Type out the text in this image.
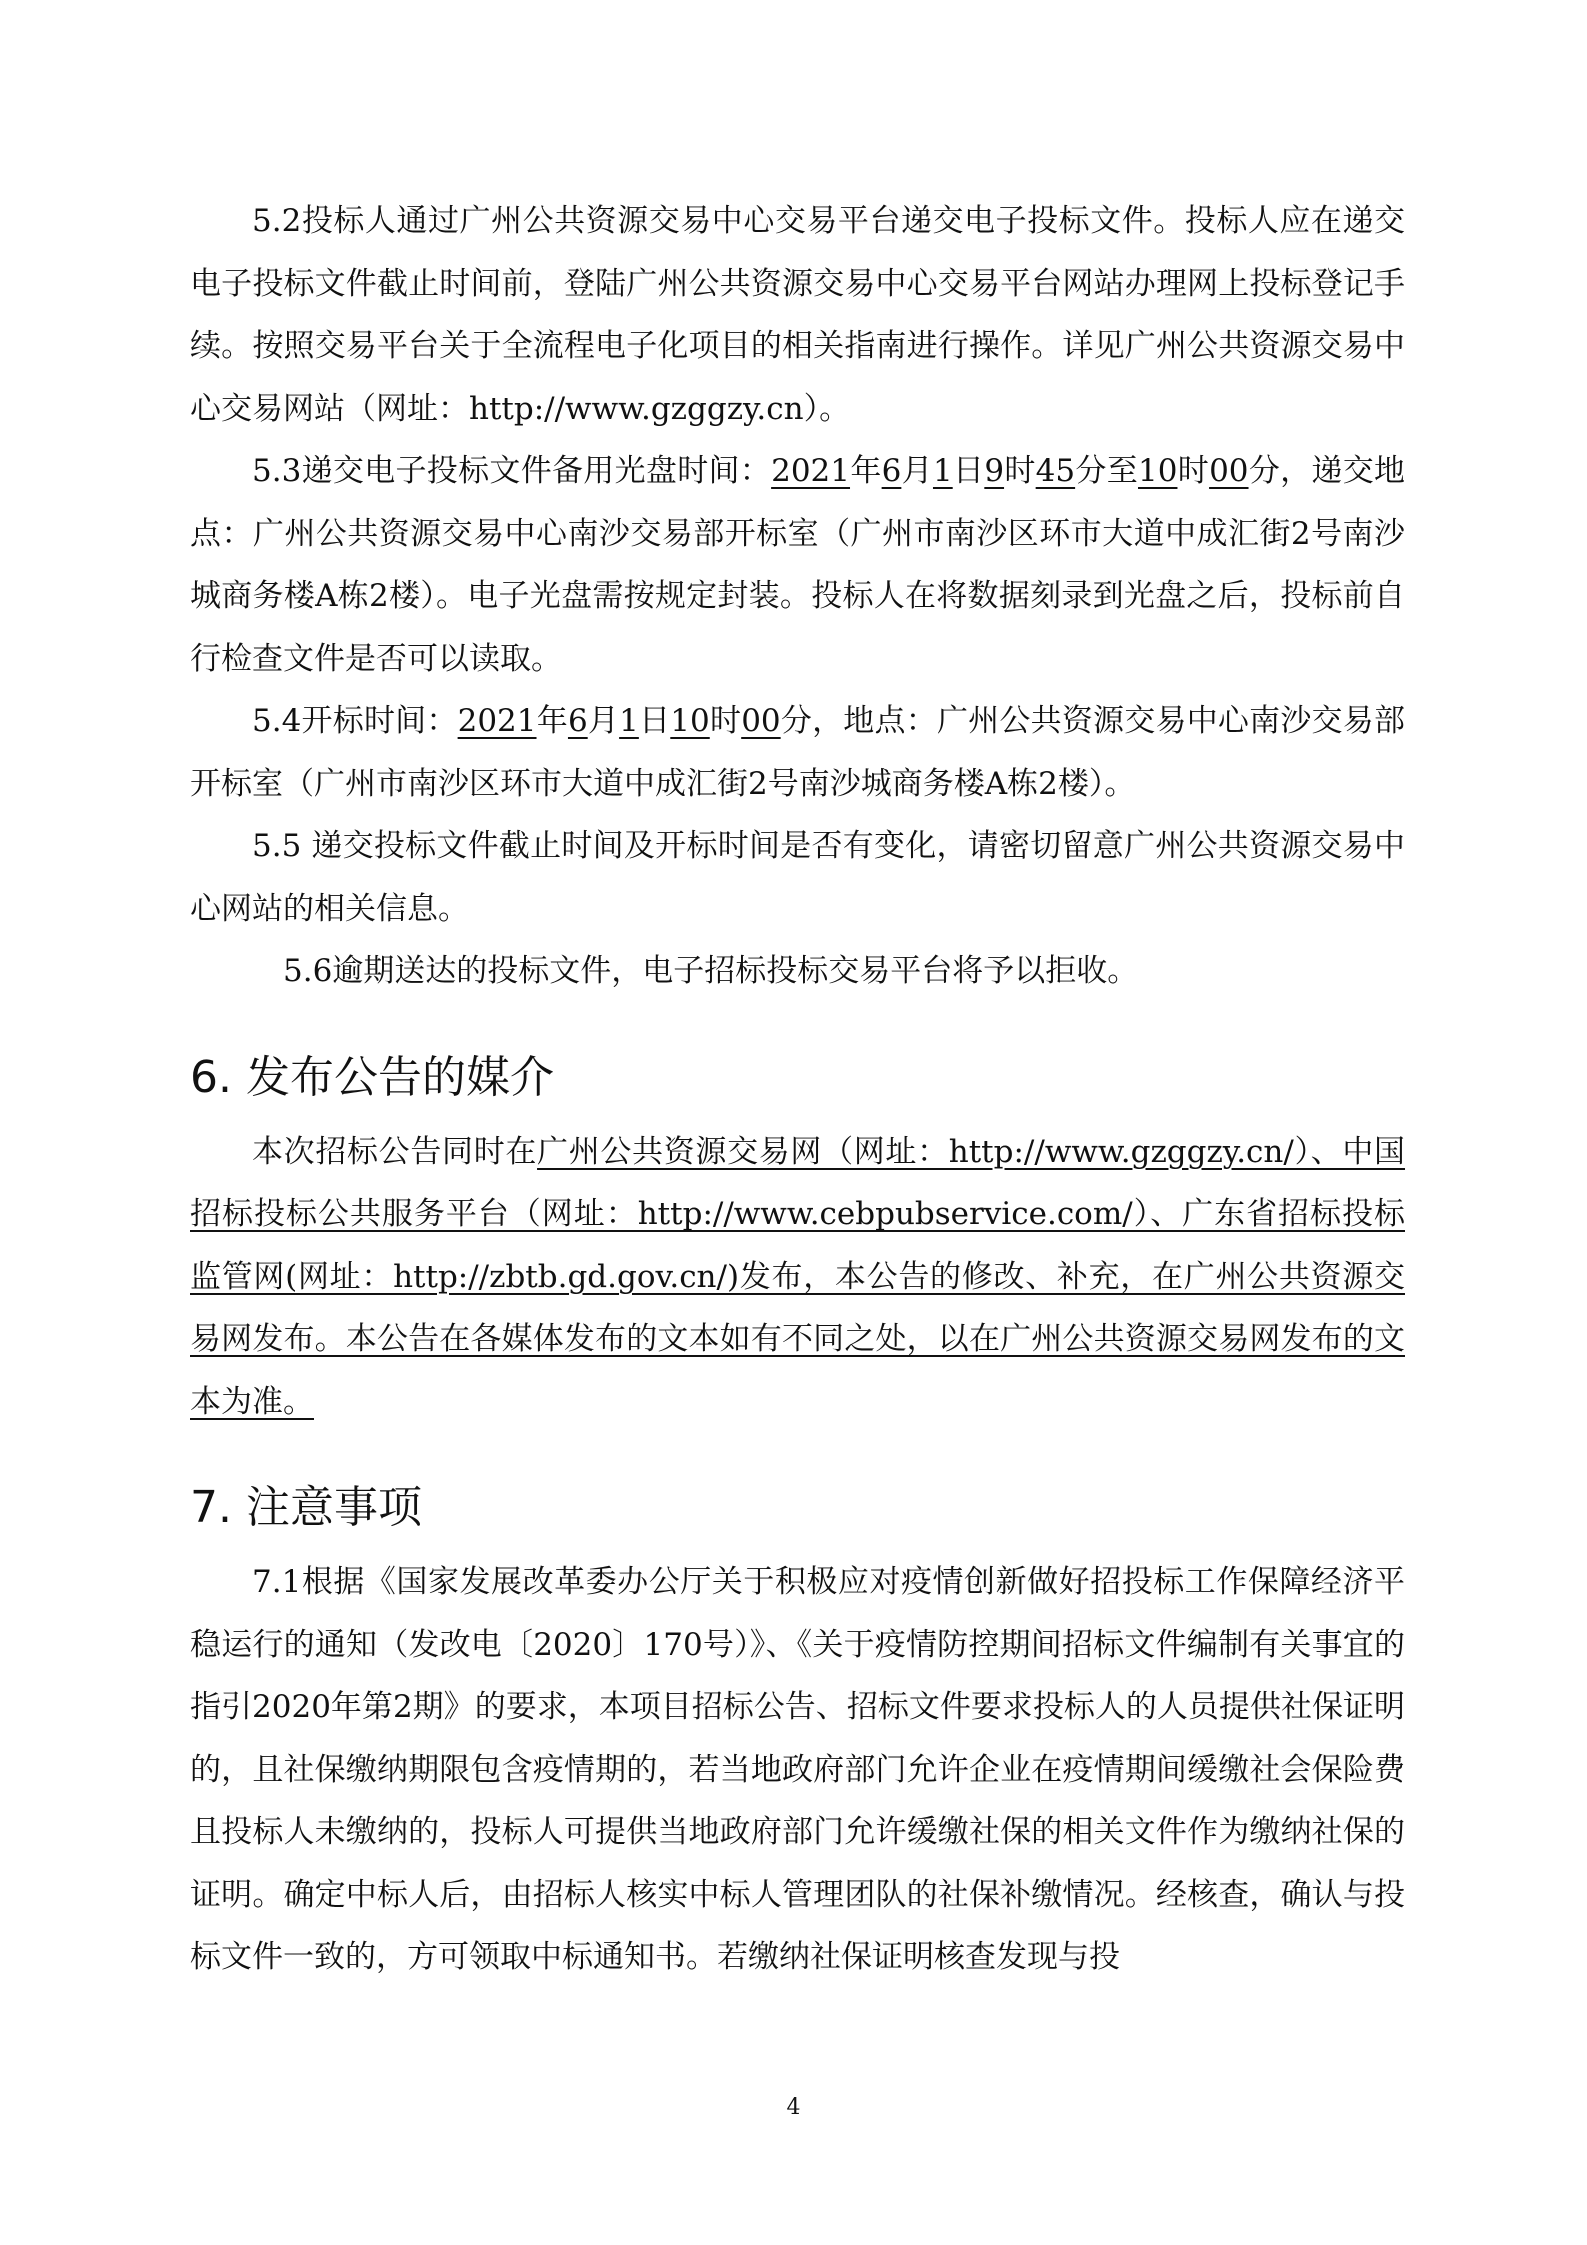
5.2投标人通过广州公共资源交易中心交易平台递交电子投标文件。投标人应在递交电子投标文件截止时间前，登陆广州公共资源交易中心交易平台网站办理网上投标登记手续。按照交易平台关于全流程电子化项目的相关指南进行操作。详见广州公共资源交易中心交易网站（网址：http://www.gzggzy.cn）。

5.3递交电子投标文件备用光盘时间：2021年6月1日9时45分至10时00分，递交地点：广州公共资源交易中心南沙交易部开标室（广州市南沙区环市大道中成汇街2号南沙城商务楼A栋2楼）。电子光盘需按规定封装。投标人在将数据刻录到光盘之后，投标前自行检查文件是否可以读取。

5.4开标时间：2021年6月1日10时00分，地点：广州公共资源交易中心南沙交易部开标室（广州市南沙区环市大道中成汇街2号南沙城商务楼A栋2楼）。

5.5 递交投标文件截止时间及开标时间是否有变化，请密切留意广州公共资源交易中心网站的相关信息。

5.6逾期送达的投标文件，电子招标投标交易平台将予以拒收。

6. 发布公告的媒介

本次招标公告同时在广州公共资源交易网（网址：http://www.gzggzy.cn/）、中国招标投标公共服务平台（网址：http://www.cebpubservice.com/）、广东省招标投标监管网(网址：http://zbtb.gd.gov.cn/)发布，本公告的修改、补充，在广州公共资源交易网发布。本公告在各媒体发布的文本如有不同之处，以在广州公共资源交易网发布的文本为准。

7. 注意事项

7.1根据《国家发展改革委办公厅关于积极应对疫情创新做好招投标工作保障经济平稳运行的通知（发改电〔2020〕170号）》、《关于疫情防控期间招标文件编制有关事宜的指引2020年第2期》的要求，本项目招标公告、招标文件要求投标人的人员提供社保证明的，且社保缴纳期限包含疫情期的，若当地政府部门允许企业在疫情期间缓缴社会保险费且投标人未缴纳的，投标人可提供当地政府部门允许缓缴社保的相关文件作为缴纳社保的证明。确定中标人后，由招标人核实中标人管理团队的社保补缴情况。经核查，确认与投标文件一致的，方可领取中标通知书。若缴纳社保证明核查发现与投

4
